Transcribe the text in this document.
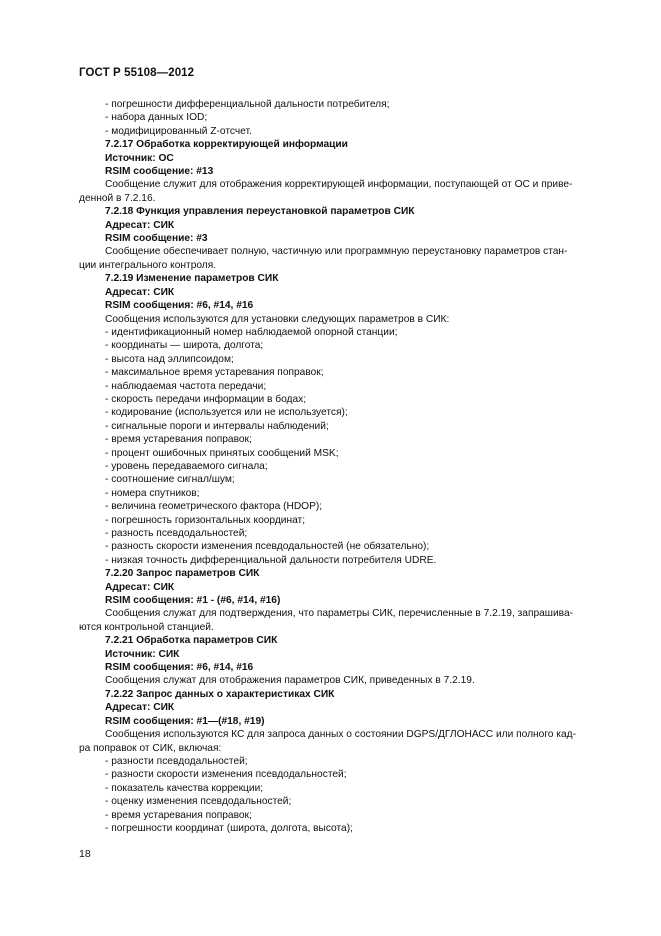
ГОСТ Р 55108—2012
- погрешности дифференциальной дальности потребителя;
- набора данных IOD;
- модифицированный Z-отсчет.
7.2.17 Обработка корректирующей информации
Источник: ОС
RSIM сообщение: #13
Сообщение служит для отображения корректирующей информации, поступающей от ОС и приве-
денной в 7.2.16.
7.2.18 Функция управления переустановкой параметров СИК
Адресат: СИК
RSIM сообщение: #3
Сообщение обеспечивает полную, частичную или программную переустановку параметров стан-
ции интегрального контроля.
7.2.19 Изменение параметров СИК
Адресат: СИК
RSIM сообщения: #6, #14, #16
Сообщения используются для установки следующих параметров в СИК:
- идентификационный номер наблюдаемой опорной станции;
- координаты — широта, долгота;
- высота над эллипсоидом;
- максимальное время устаревания поправок;
- наблюдаемая частота передачи;
- скорость передачи информации в бодах;
- кодирование (используется или не используется);
- сигнальные пороги и интервалы наблюдений;
- время устаревания поправок;
- процент ошибочных принятых сообщений MSK;
- уровень передаваемого сигнала;
- соотношение сигнал/шум;
- номера спутников;
- величина геометрического фактора (HDOP);
- погрешность горизонтальных координат;
- разность псевдодальностей;
- разность скорости изменения псевдодальностей (не обязательно);
- низкая точность дифференциальной дальности потребителя UDRE.
7.2.20 Запрос параметров СИК
Адресат: СИК
RSIM сообщения: #1 - (#6, #14, #16)
Сообщения служат для подтверждения, что параметры СИК, перечисленные в 7.2.19, запрашива-
ются контрольной станцией.
7.2.21 Обработка параметров СИК
Источник: СИК
RSIM сообщения: #6, #14, #16
Сообщения служат для отображения параметров СИК, приведенных в 7.2.19.
7.2.22 Запрос данных о характеристиках СИК
Адресат: СИК
RSIM сообщения: #1—(#18, #19)
Сообщения используются КС для запроса данных о состоянии DGPS/ДГЛОНАСС или полного кад-
ра поправок от СИК, включая:
- разности псевдодальностей;
- разности скорости изменения псевдодальностей;
- показатель качества коррекции;
- оценку изменения псевдодальностей;
- время устаревания поправок;
- погрешности координат (широта, долгота, высота);
18
